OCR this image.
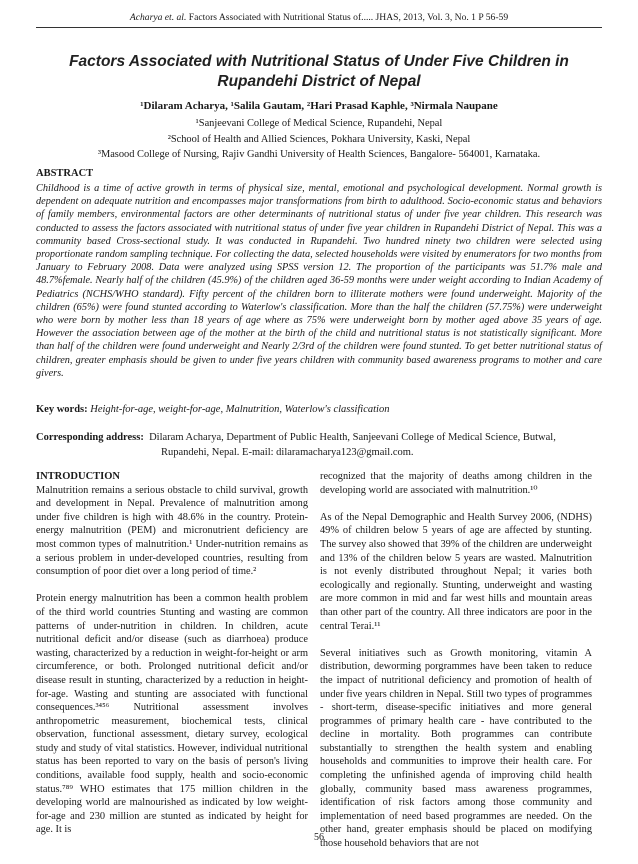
Acharya et. al. Factors Associated with Nutritional Status of..... JHAS, 2013, Vol. 3, No. 1 P 56-59
Factors Associated with Nutritional Status of Under Five Children in Rupandehi District of Nepal
¹Dilaram Acharya, ¹Salila Gautam, ²Hari Prasad Kaphle, ³Nirmala Naupane
¹Sanjeevani College of Medical Science, Rupandehi, Nepal
²School of Health and Allied Sciences, Pokhara University, Kaski, Nepal
³Masood College of Nursing, Rajiv Gandhi University of Health Sciences, Bangalore- 564001, Karnataka.
ABSTRACT
Childhood is a time of active growth in terms of physical size, mental, emotional and psychological development. Normal growth is dependent on adequate nutrition and encompasses major transformations from birth to adulthood. Socio-economic status and behaviors of family members, environmental factors are other determinants of nutritional status of under five year children. This research was conducted to assess the factors associated with nutritional status of under five year children in Rupandehi District of Nepal. This was a community based Cross-sectional study. It was conducted in Rupandehi. Two hundred ninety two children were selected using proportionate random sampling technique. For collecting the data, selected households were visited by enumerators for two months from January to February 2008. Data were analyzed using SPSS version 12. The proportion of the participants was 51.7% male and 48.7%female. Nearly half of the children (45.9%) of the children aged 36-59 months were under weight according to Indian Academy of Pediatrics (NCHS/WHO standard). Fifty percent of the children born to illiterate mothers were found underweight. Majority of the children (65%) were found stunted according to Waterlow's classification. More than the half the children (57.75%) were underweight who were born by mother less than 18 years of age where as 75% were underweight born by mother aged above 35 years of age. However the association between age of the mother at the birth of the child and nutritional status is not statistically significant. More than half of the children were found underweight and Nearly 2/3rd of the children were found stunted. To get better nutritional status of children, greater emphasis should be given to under five years children with community based awareness programs to mother and care givers.
Key words: Height-for-age, weight-for-age, Malnutrition, Waterlow's classification
Corresponding address: Dilaram Acharya, Department of Public Health, Sanjeevani College of Medical Science, Butwal,
Rupandehi, Nepal. E-mail: dilaramacharya123@gmail.com.
INTRODUCTION

Malnutrition remains a serious obstacle to child survival, growth and development in Nepal. Prevalence of malnutrition among under five children is high with 48.6% in the country. Protein-energy malnutrition (PEM) and micronutrient deficiency are most common types of malnutrition.¹ Under-nutrition remains as a serious problem in under-developed countries, resulting from consumption of poor diet over a long period of time.²

Protein energy malnutrition has been a common health problem of the third world countries Stunting and wasting are common patterns of under-nutrition in children. In children, acute nutritional deficit and/or disease (such as diarrhoea) produce wasting, characterized by a reduction in weight-for-height or arm circumference, or both. Prolonged nutritional deficit and/or disease result in stunting, characterized by a reduction in height-for-age. Wasting and stunting are associated with functional consequences.³⁴⁵⁶ Nutritional assessment involves anthropometric measurement, biochemical tests, clinical observation, functional assessment, dietary survey, ecological study and study of vital statistics. However, individual nutritional status has been reported to vary on the basis of person's living conditions, available food supply, health and socio-economic status.⁷⁸⁹ WHO estimates that 175 million children in the developing world are malnourished as indicated by low weight-for-age and 230 million are stunted as indicated by height for age. It is

recognized that the majority of deaths among children in the developing world are associated with malnutrition.¹⁰

As of the Nepal Demographic and Health Survey 2006, (NDHS) 49% of children below 5 years of age are affected by stunting. The survey also showed that 39% of the children are underweight and 13% of the children below 5 years are wasted. Malnutrition is not evenly distributed throughout Nepal; it varies both ecologically and regionally. Stunting, underweight and wasting are more common in mid and far west hills and mountain areas than other part of the country. All three indicators are poor in the central Terai.¹¹

Several initiatives such as Growth monitoring, vitamin A distribution, deworming porgrammes have been taken to reduce the impact of nutritional deficiency and promotion of health of under five years children in Nepal. Still two types of programmes - short-term, disease-specific initiatives and more general programmes of primary health care - have contributed to the decline in mortality. Both programmes can contribute substantially to strengthen the health system and enabling households and communities to improve their health care. For completing the unfinished agenda of improving child health globally, community based mass awareness programmes, identification of risk factors among those community and implementation of need based programmes are needed. On the other hand, greater emphasis should be placed on modifying those household behaviors that are not

56
